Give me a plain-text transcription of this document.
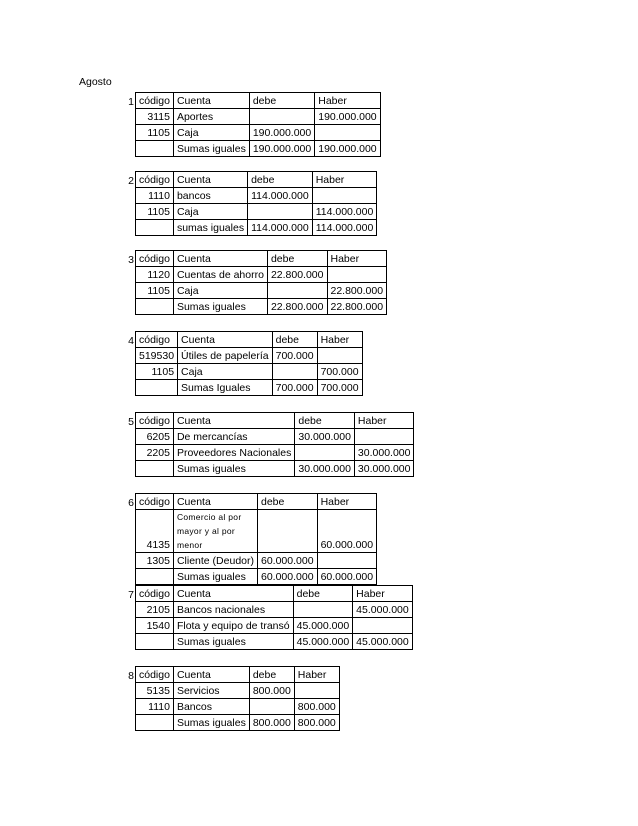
Agosto
1 código	Cuenta	debe	Haber
3115	Aportes		190.000.000
1105	Caja	190.000.000	
	Sumas iguales	190.000.000	190.000.000
2 código	Cuenta	debe	Haber
1110	bancos	114.000.000	
1105	Caja		114.000.000
	sumas iguales	114.000.000	114.000.000
3 código	Cuenta	debe	Haber
1120	Cuentas de ahorro	22.800.000	
1105	Caja		22.800.000
	Sumas iguales	22.800.000	22.800.000
4 código	Cuenta	debe	Haber
519530	Útiles de papelería	700.000	
1105	Caja		700.000
	Sumas Iguales	700.000	700.000
5 código	Cuenta	debe	Haber
6205	De mercancías	30.000.000	
2205	Proveedores Nacionales		30.000.000
	Sumas iguales	30.000.000	30.000.000
6 código	Cuenta	debe	Haber
4135	Comercio al por mayor y al por menor		60.000.000
1305	Cliente (Deudor)	60.000.000	
	Sumas iguales	60.000.000	60.000.000
7 código	Cuenta	debe	Haber
2105	Bancos nacionales		45.000.000
1540	Flota y equipo de transó	45.000.000	
	Sumas iguales	45.000.000	45.000.000
8 código	Cuenta	debe	Haber
5135	Servicios	800.000	
1110	Bancos		800.000
	Sumas iguales	800.000	800.000
